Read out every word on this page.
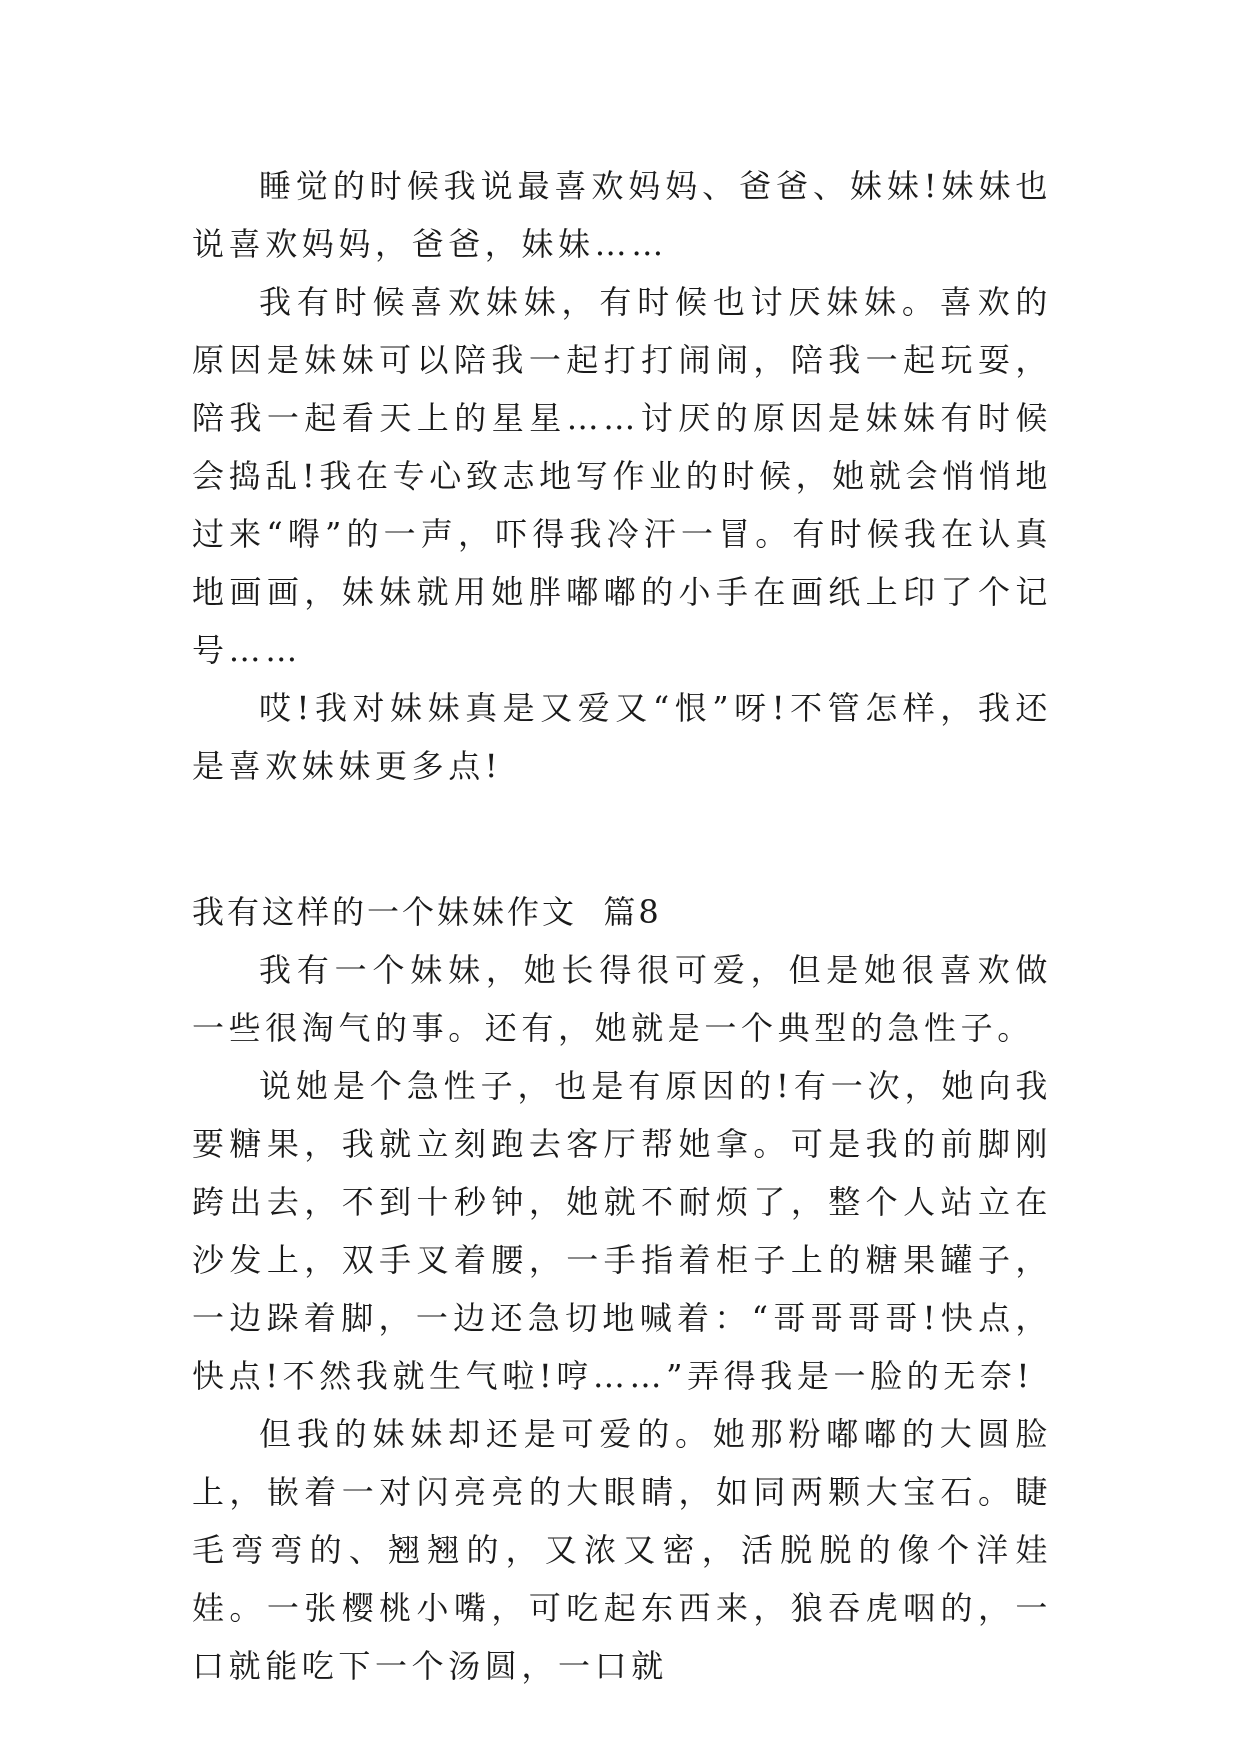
睡觉的时候我说最喜欢妈妈、爸爸、妹妹!妹妹也说喜欢妈妈，爸爸，妹妹……

我有时候喜欢妹妹，有时候也讨厌妹妹。喜欢的原因是妹妹可以陪我一起打打闹闹，陪我一起玩耍，陪我一起看天上的星星……讨厌的原因是妹妹有时候会捣乱!我在专心致志地写作业的时候，她就会悄悄地过来“嘚”的一声，吓得我冷汗一冒。有时候我在认真地画画，妹妹就用她胖嘟嘟的小手在画纸上印了个记号……

哎!我对妹妹真是又爱又“恨”呀!不管怎样，我还是喜欢妹妹更多点!

我有这样的一个妹妹作文  篇8

我有一个妹妹，她长得很可爱，但是她很喜欢做一些很淘气的事。还有，她就是一个典型的急性子。

说她是个急性子，也是有原因的!有一次，她向我要糖果，我就立刻跑去客厅帮她拿。可是我的前脚刚跨出去，不到十秒钟，她就不耐烦了，整个人站立在沙发上，双手叉着腰，一手指着柜子上的糖果罐子，一边跺着脚，一边还急切地喊着：“哥哥哥哥!快点，快点!不然我就生气啦!哼……”弄得我是一脸的无奈!

但我的妹妹却还是可爱的。她那粉嘟嘟的大圆脸上，嵌着一对闪亮亮的大眼睛，如同两颗大宝石。睫毛弯弯的、翘翘的，又浓又密，活脱脱的像个洋娃娃。一张樱桃小嘴，可吃起东西来，狼吞虎咽的，一口就能吃下一个汤圆，一口就
